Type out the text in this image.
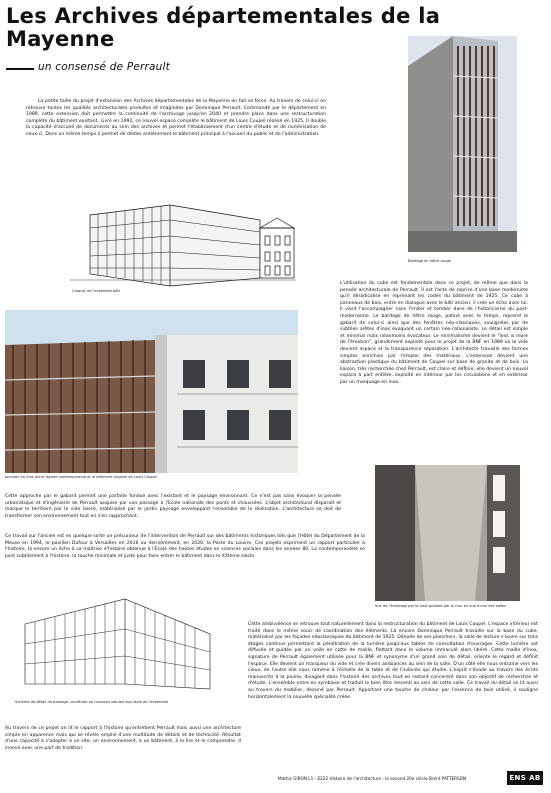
Les Archives départementales de la Mayenne
un consensé de Perrault

La petite taille du projet d'extension des Archives départementales de la Mayenne en fait sa force. Au travers de celui-ci on retrouve toutes les qualités architecturales produites et imaginées par Dominique Perrault. Commandé par le département en 1989, cette extension doit permettre la continuité de l'archivage jusqu'en 2040 et prendre place dans une restructuration complète du bâtiment existant. Livré en 1992, ce nouvel espace complète le bâtiment de Louis Coupel réalisé en 1925. Il double la capacité d'accueil de documents au sein des archives et permet l'établissement d'un centre d'étude et de numérisation de ceux-ci. Dans un même temps il permet de dédier entièrement le bâtiment principal à l'accueil du public et de l'administration.

Croquis de l'ensemble bâti
Bardage en hêtre rouge

L'utilisation du cube est fondamentale dans ce projet, de même que dans la pensée architecturale de Perrault. Il est l'acte de reprise d'une base moderniste qu'il déradicalise en reprenant les codes du bâtiment de 1925. Ce cube à panneaux de bois, entre en dialogue avec le bâti ancien, il crée un écho avec lui. Il vient l'accompagner sans l'imiter et tomber dans de l'historicisme du post-modernisme. Le bardage de hêtre rouge, patiné avec le temps, reprend le gabarit de celui-ci ainsi que des fenêtres néo-classiques, soulignées par de subtiles arêtes d'inox évoquant un certain néo-rationaliste. Le détail est simple et minimal mais néanmoins évocateur. Le minimalisme devient le "less is more de l'émotion", grandement exploité pour le projet de la BNF en 1989 où le vide devient espace et la transparence séparation. L'architecte travaille des formes simples enrichies par l'emploi des matériaux. L'extension devient une abstraction plastique du bâtiment de Coupel sur base de granite et de bois. La liaison, très recherchée chez Perrault, est claire et définie, elle devient un nouvel espace à part entière, exploité en intérieur par les circulations et en extérieur par un marquage en inox.

Jonction en inox entre façade contemporaine et le bâtiment original de Louis Coupel

Cette approche par le gabarit permet une parfaite fondue avec l'existant et le paysage environnant. Ce n'est pas sans évoquer la pensée urbanistique et d'ingénierie de Perrault acquise par son passage à l'Ecole nationale des ponts et chaussées. L'objet architectural disparaît et marque le territoire par le vide laissé, matérialisé par le jardin paysagé enveloppant l'ensemble de la réalisation. L'architecture se doit de transformer son environnement tout en s'en rapprochant.

Vue de l'éclairage par le haut guidant par le mur en vue d'une des salles

Ce travail sur l'ancien est en quelque sorte un précurseur de l'intervention de Perrault sur des bâtiments historiques tels que l'Hôtel du Département de la Meuse en 1994, le pavillon Dufour à Versailles en 2016 ou dernièrement, en 2020, la Poste du Louvre. Ces projets expriment un rapport particulier à l'histoire, là encore un écho à sa maîtrise d'histoire obtenue à l'Ecole des hautes études en sciences sociales dans les années 80. La contemporanéité se joint subtilement à l'histoire, la touche minimale et juste pour faire entrer le bâtiment dans le XXIème siècle.

Schéma de détail du bardage, conférant au nouveau volume son style de l'ensemble

Cette ambivalence se retrouve tout naturellement dans la restructuration du bâtiment de Louis Coupel. L'espace intérieur est traité dans le même souci de coordination des éléments. Là encore Dominique Perrault travaille sur la base du cube, matérialisé par les façades néoclassiques du bâtiment de 1925. Dénuée de ses planchers, la salle de lecture s'ouvre sur trois étages continus permettant la pénétration de la lumière jusqu'aux tables de consultation d'ouvrages. Cette lumière est diffusée et guidée par un voile en cotte de maille, flottant dans le volume immaculé alors libéré. Cette maille d'inox, signature de Perrault également utilisée pour la BNF et synonyme d'un grand soin de détail, oriente le regard et définit l'espace. Elle devient un marqueur du vide et crée divers ambiances au sein de la salle. D'un côté elle nous entraîne vers les cieux, de l'autre elle nous ramène à l'échelle de la table et de l'individu qui étudie. L'esprit s'évade au travers des écrits manuscrits à la plume, divagant dans l'histoire des archives tout en restant concentré dans son objectif de recherches et d'étude. L'ensemble entre en symbiose et traduit le bien être ressenti au sein de cette salle. Ce travail du détail se lit aussi au travers du mobilier, dessiné par Perrault. Apportant une touche de chaleur par l'essence de bois utilisé, il souligne horizontalement la nouvelle spécialité créée.

Au travers de ce projet on lit le rapport à l'histoire qu'entretient Perrault mais aussi une architecture simple en apparence mais qui se révèle emplie d'une multitude de détails et de technicité. Résultat d'une capacité à s'adapter à un site, un environnement, à un bâtiment, à le lire et le comprendre. Il innove avec une part de tradition.

Mathis GIRON L1 - E222 Histoire de l'architecture : le second 20e siècle Brent PATTERSON	ENS AB
